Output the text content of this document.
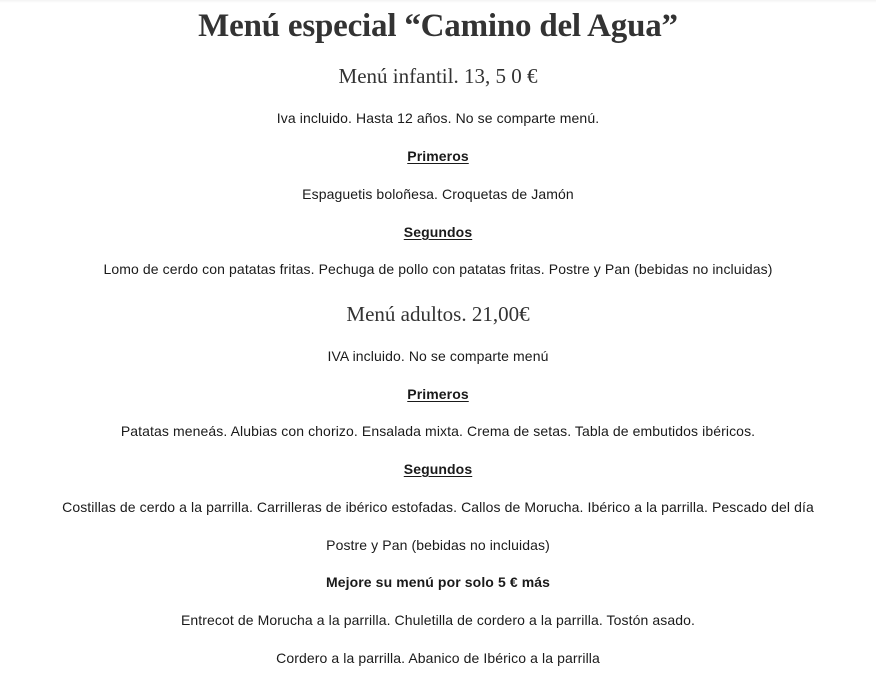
Menú especial “Camino del Agua”
Menú infantil. 13, 5 0 €
Iva incluido. Hasta 12 años. No se comparte menú.
Primeros
Espaguetis boloñesa. Croquetas de Jamón
Segundos
Lomo de cerdo con patatas fritas. Pechuga de pollo con patatas fritas. Postre y Pan (bebidas no incluidas)
Menú adultos. 21,00€
IVA incluido. No se comparte menú
Primeros
Patatas meneás. Alubias con chorizo. Ensalada mixta. Crema de setas. Tabla de embutidos ibéricos.
Segundos
Costillas de cerdo a la parrilla. Carrilleras de ibérico estofadas. Callos de Morucha. Ibérico a la parrilla. Pescado del día
Postre y Pan (bebidas no incluidas)
Mejore su menú por solo 5 € más
Entrecot de Morucha a la parrilla. Chuletilla de cordero a la parrilla. Tostón asado.
Cordero a la parrilla. Abanico de Ibérico a la parrilla
